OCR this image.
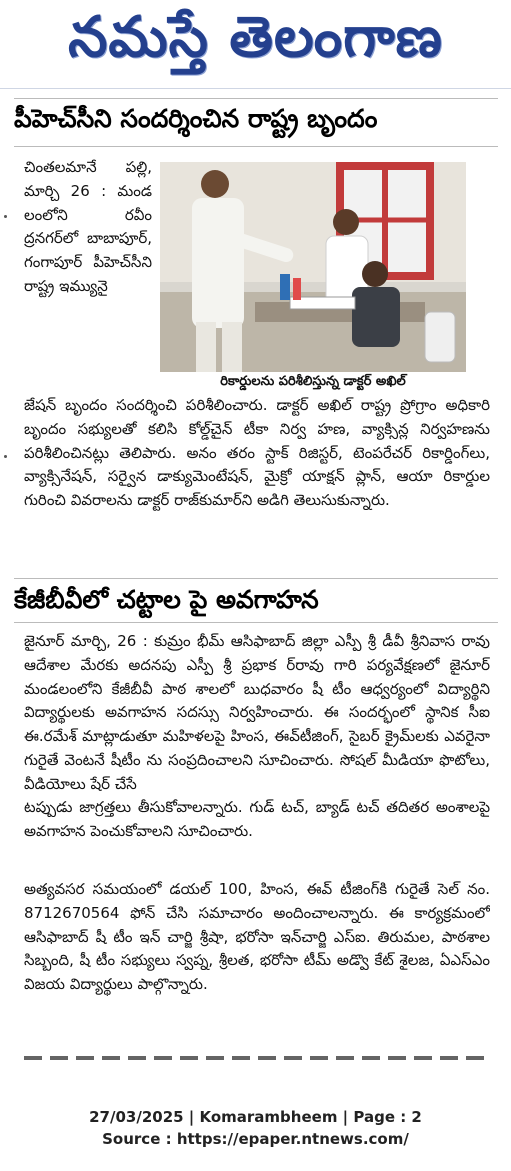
నమస్తే తెలంగాణ
పీహెచ్‌సీని సందర్శించిన రాష్ట్ర బృందం
చింతలమానే పల్లి, మార్చి 26 : మండ లంలోని రవీం ద్రనగర్‌లో బాబాపూర్, గంగాపూర్ పీహెచ్‌సీని రాష్ట్ర ఇమ్యునై
రికార్డులను పరిశీలిస్తున్న డాక్టర్ అఖిల్
జేషన్ బృందం సందర్శించి పరిశీలించారు. డాక్టర్ అఖిల్ రాష్ట్ర ప్రోగ్రాం అధికారి బృందం సభ్యులతో కలిసి కోల్డ్‌చైన్ టీకా నిర్వ హణ, వ్యాక్సిన్ల నిర్వహణను పరిశీలించినట్లు తెలిపారు. అనం తరం స్టాక్ రిజిస్టర్, టెంపరేచర్ రికార్డింగ్‌లు, వ్యాక్సినేషన్, సర్వైన డాక్యుమెంటేషన్, మైక్రో యాక్షన్ ప్లాన్, ఆయా రికార్డుల గురించి వివరాలను డాక్టర్ రాజ్‌కుమార్‌ని అడిగి తెలుసుకున్నారు.
కేజీబీవీలో చట్టాల పై అవగాహన
జైనూర్ మార్చి, 26 : కుమ్రం భీమ్ ఆసిఫాబాద్ జిల్లా ఎస్పీ శ్రీ డీవీ శ్రీనివాస రావు ఆదేశాల మేరకు అదనపు ఎస్పీ శ్రీ ప్రభాక ర్‌రావు గారి పర్యవేక్షణలో జైనూర్ మండలంలోని కేజీబీవీ పాఠ శాలలో బుధవారం షీ టీం ఆధ్వర్యంలో విద్యార్థిని విద్యార్థులకు అవగాహన సదస్సు నిర్వహించారు. ఈ సందర్భంలో స్థానిక సీఐ ఈ.రమేశ్ మాట్లాడుతూ మహిళలపై హింస, ఈవ్‌టీజింగ్, సైబర్ క్రైమ్‌లకు ఎవరైనా గురైతే వెంటనే షీటీం ను సంప్రదించాలని సూచించారు. సోషల్ మీడియా ఫొటోలు, వీడియోలు షేర్ చేసే
టప్పుడు జాగ్రత్తలు తీసుకోవాలన్నారు. గుడ్ టచ్, బ్యాడ్ టచ్ తదితర అంశాలపై అవగాహన పెంచుకోవాలని సూచించారు.
అత్యవసర సమయంలో డయల్ 100, హింస, ఈవ్ టీజింగ్‌కి గురైతే సెల్ నం. 8712670564 ఫోన్ చేసి సమాచారం అందించాలన్నారు. ఈ కార్యక్రమంలో ఆసిఫాబాద్ షీ టీం ఇన్ చార్జి శ్రీషా, భరోసా ఇన్‌చార్జి ఎస్ఐ. తిరుమల, పాఠశాల సిబ్బంది, షీ టీం సభ్యులు స్వప్న, శ్రీలత, భరోసా టీమ్ అడ్వొ కేట్ శైలజ, ఏఎస్ఎం విజయ విద్యార్థులు పాల్గొన్నారు.
27/03/2025 | Komarambheem | Page : 2
Source : https://epaper.ntnews.com/
